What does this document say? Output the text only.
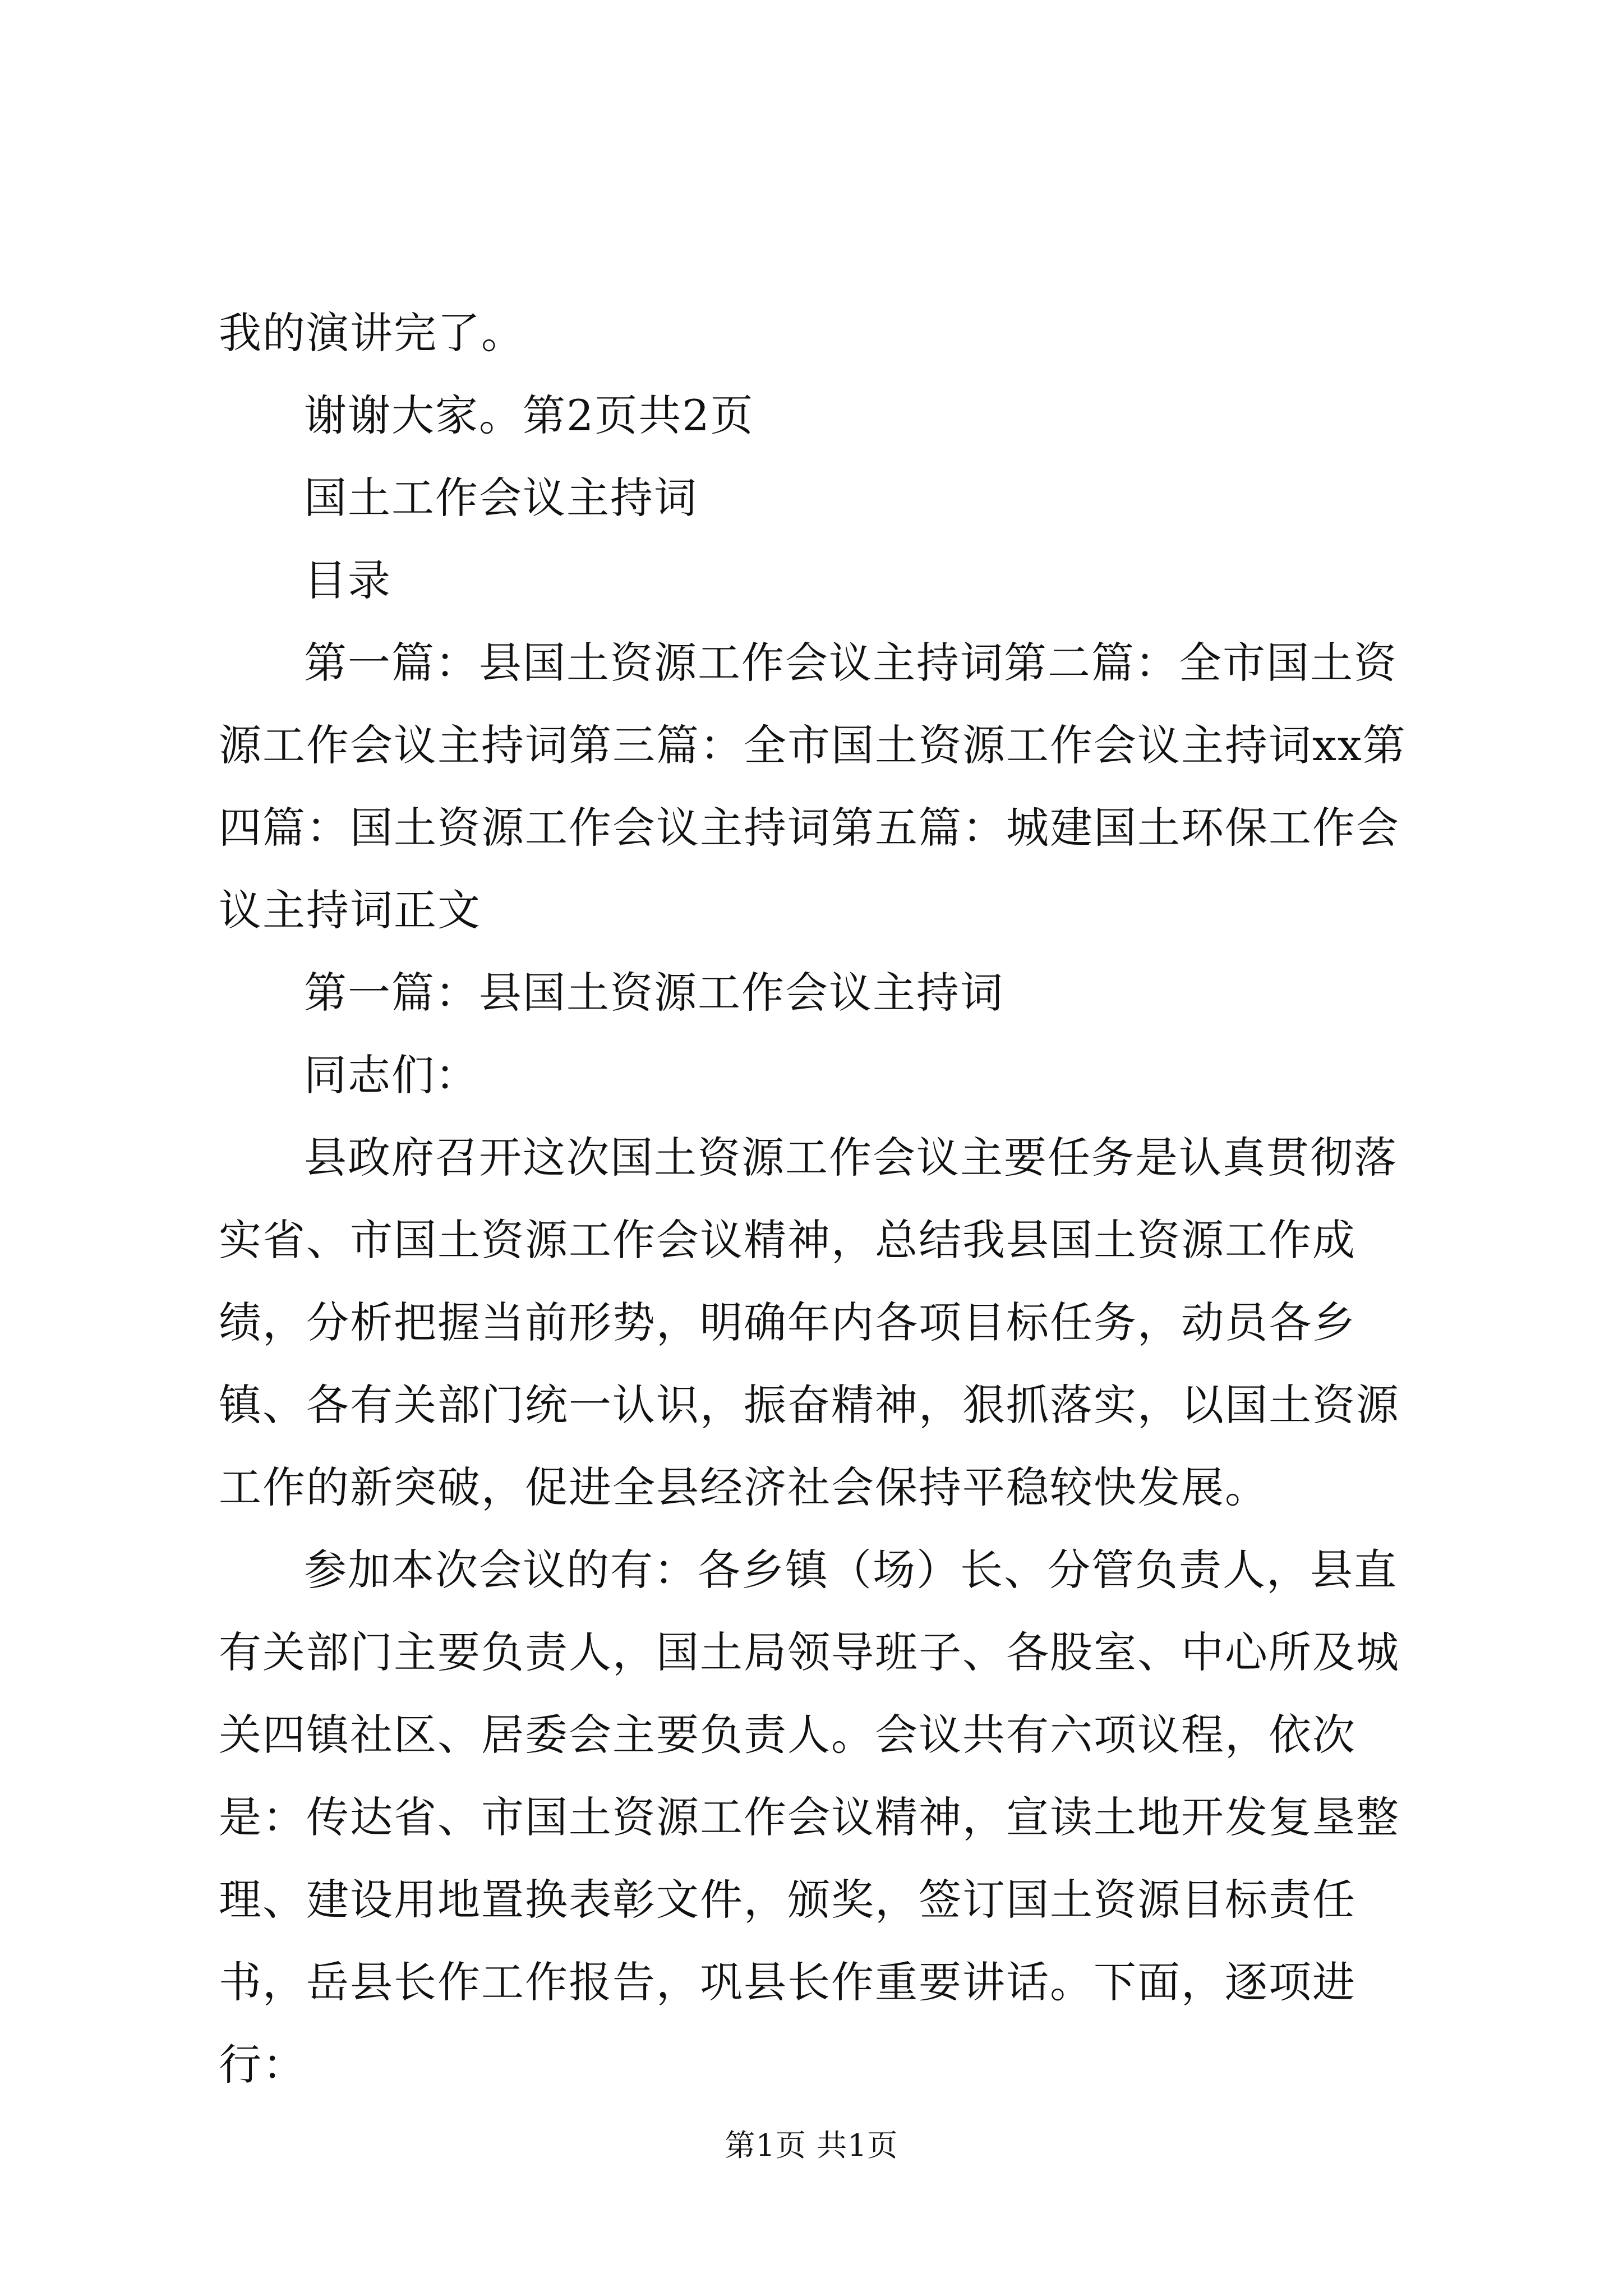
我的演讲完了。

谢谢大家。第2页共2页

国土工作会议主持词

目录

第一篇：县国土资源工作会议主持词第二篇：全市国土资源工作会议主持词第三篇：全市国土资源工作会议主持词xx第四篇：国土资源工作会议主持词第五篇：城建国土环保工作会议主持词正文

第一篇：县国土资源工作会议主持词

同志们：

县政府召开这次国土资源工作会议主要任务是认真贯彻落实省、市国土资源工作会议精神，总结我县国土资源工作成绩，分析把握当前形势，明确年内各项目标任务，动员各乡镇、各有关部门统一认识，振奋精神，狠抓落实，以国土资源工作的新突破，促进全县经济社会保持平稳较快发展。

参加本次会议的有：各乡镇（场）长、分管负责人，县直有关部门主要负责人，国土局领导班子、各股室、中心所及城关四镇社区、居委会主要负责人。会议共有六项议程，依次是：传达省、市国土资源工作会议精神，宣读土地开发复垦整理、建设用地置换表彰文件，颁奖，签订国土资源目标责任书，岳县长作工作报告，巩县长作重要讲话。下面，逐项进行：

第1页 共1页
